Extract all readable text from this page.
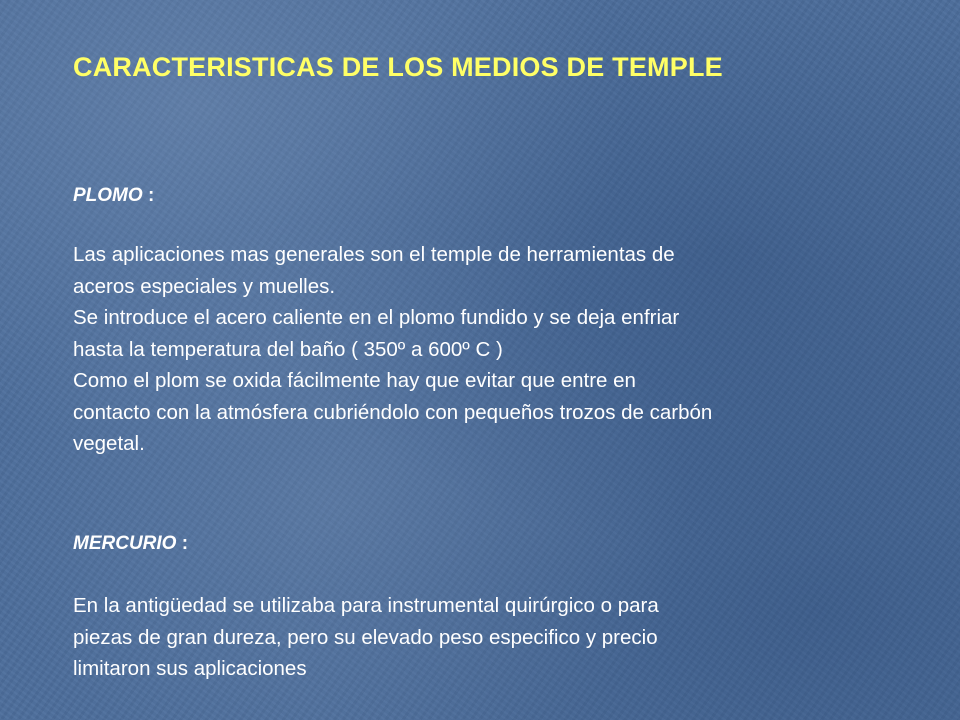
CARACTERISTICAS DE LOS MEDIOS DE TEMPLE

PLOMO :

Las aplicaciones mas generales son el temple de herramientas de
aceros especiales y muelles.
Se introduce el acero caliente en el plomo fundido y se deja enfriar
hasta la temperatura del baño ( 350º a 600º C )
Como el plom se oxida fácilmente hay que evitar que entre en
contacto con la atmósfera cubriéndolo con pequeños trozos de carbón
vegetal.

MERCURIO :

En la antigüedad se utilizaba para instrumental quirúrgico o para
piezas de gran dureza, pero su elevado peso especifico y precio
limitaron sus aplicaciones
